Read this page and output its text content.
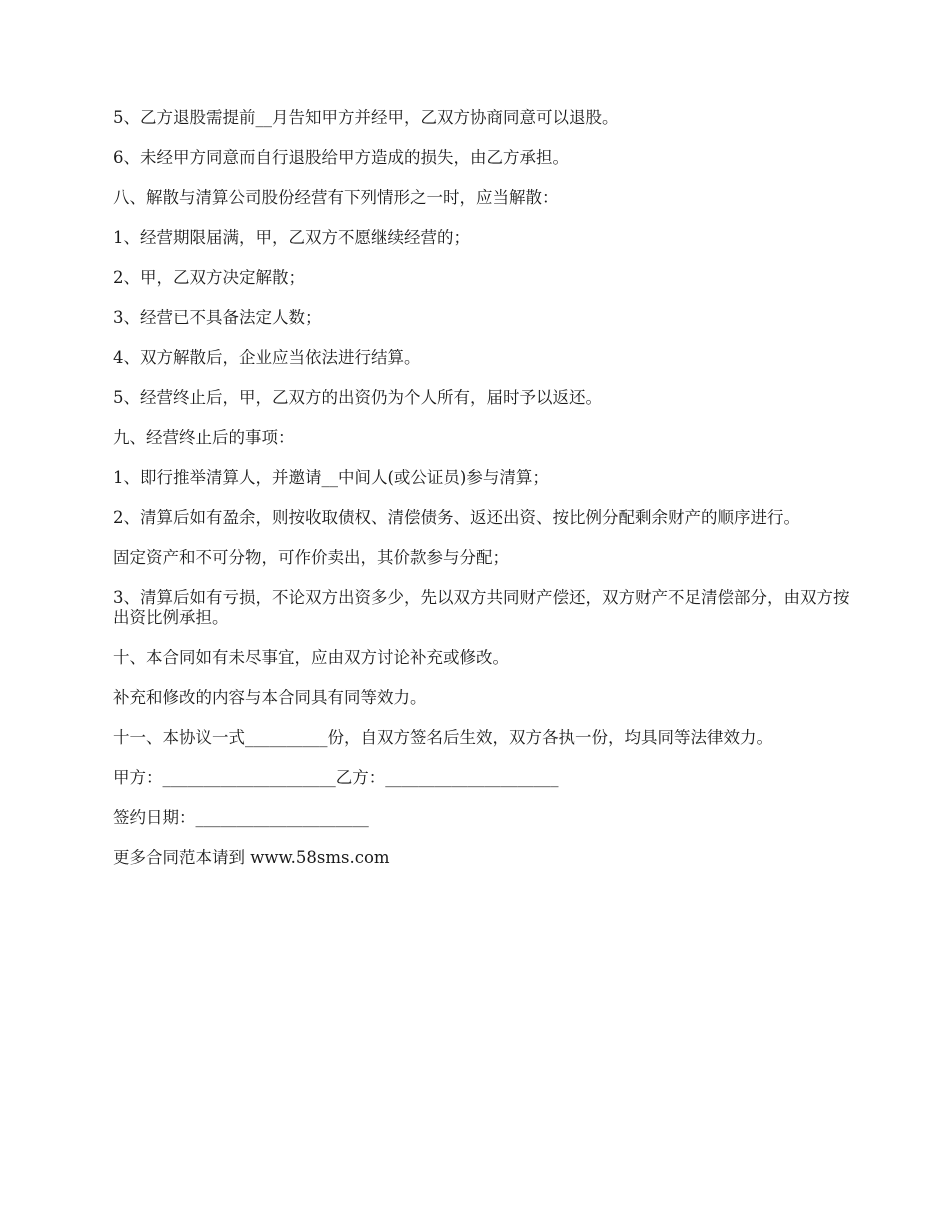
5、乙方退股需提前__月告知甲方并经甲，乙双方协商同意可以退股。

6、未经甲方同意而自行退股给甲方造成的损失，由乙方承担。

八、解散与清算公司股份经营有下列情形之一时，应当解散：

1、经营期限届满，甲，乙双方不愿继续经营的；

2、甲，乙双方决定解散；

3、经营已不具备法定人数；

4、双方解散后，企业应当依法进行结算。

5、经营终止后，甲，乙双方的出资仍为个人所有，届时予以返还。

九、经营终止后的事项：

1、即行推举清算人，并邀请__中间人(或公证员)参与清算；

2、清算后如有盈余，则按收取债权、清偿债务、返还出资、按比例分配剩余财产的顺序进行。

固定资产和不可分物，可作价卖出，其价款参与分配；

3、清算后如有亏损，不论双方出资多少，先以双方共同财产偿还，双方财产不足清偿部分，由双方按出资比例承担。

十、本合同如有未尽事宜，应由双方讨论补充或修改。

补充和修改的内容与本合同具有同等效力。

十一、本协议一式__________份，自双方签名后生效，双方各执一份，均具同等法律效力。

甲方：_____________________乙方：_____________________

签约日期：_____________________

更多合同范本请到 www.58sms.com
